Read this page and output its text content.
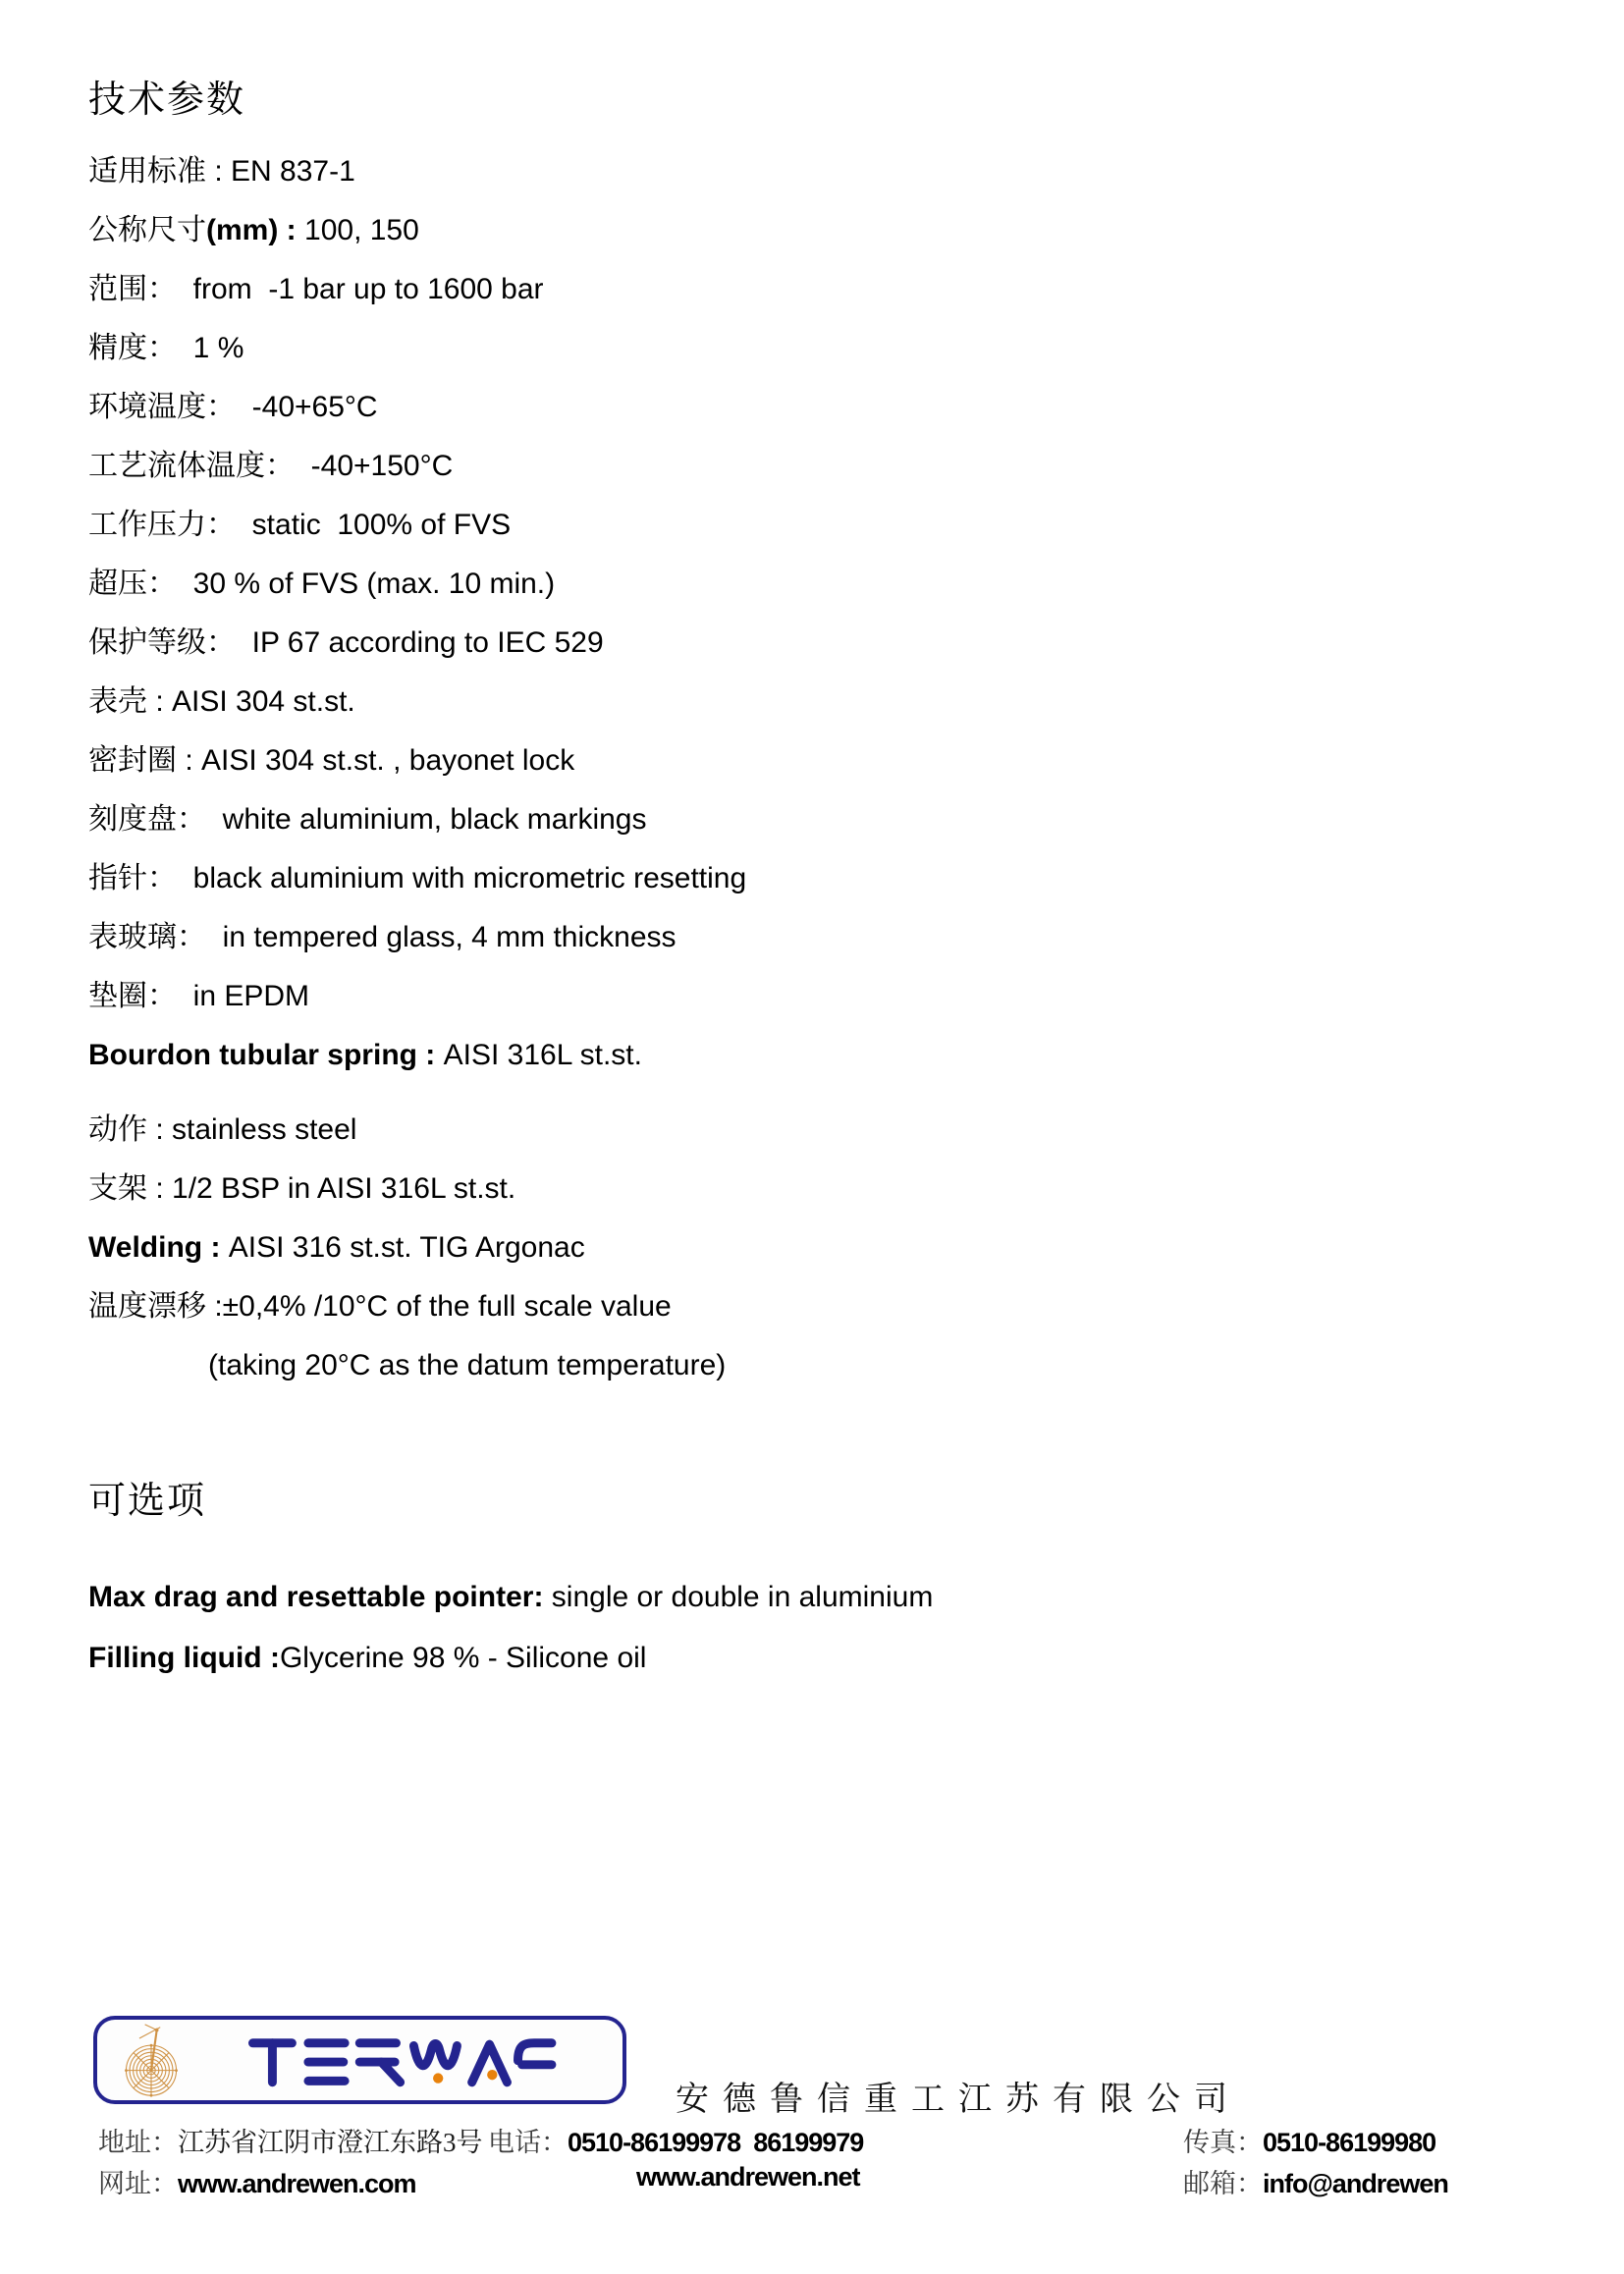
技术参数
适用标准 : EN 837-1
公称尺寸(mm) : 100, 150
范围：  from  -1 bar up to 1600 bar
精度：  1 %
环境温度：  -40+65°C
工艺流体温度：  -40+150°C
工作压力：  static  100% of FVS
超压：  30 % of FVS (max. 10 min.)
保护等级：  IP 67 according to IEC 529
表壳 : AISI 304 st.st.
密封圈 : AISI 304 st.st. , bayonet lock
刻度盘：  white aluminium, black markings
指针：  black aluminium with micrometric resetting
表玻璃：  in tempered glass, 4 mm thickness
垫圈：  in EPDM
Bourdon tubular spring : AISI 316L st.st.
动作 : stainless steel
支架 : 1/2 BSP in AISI 316L st.st.
Welding : AISI 316 st.st. TIG Argonac
温度漂移 :±0,4% /10°C of the full scale value
(taking 20°C as the datum temperature)
可选项
Max drag and resettable pointer: single or double in aluminium
Filling liquid :Glycerine 98 % - Silicone oil
安德鲁信重工江苏有限公司
地址：江苏省江阴市澄江东路3号 电话：0510-86199978  86199979	传真：0510-86199980
网址：www.andrewen.com	www.andrewen.net	邮箱：info@andrewen
